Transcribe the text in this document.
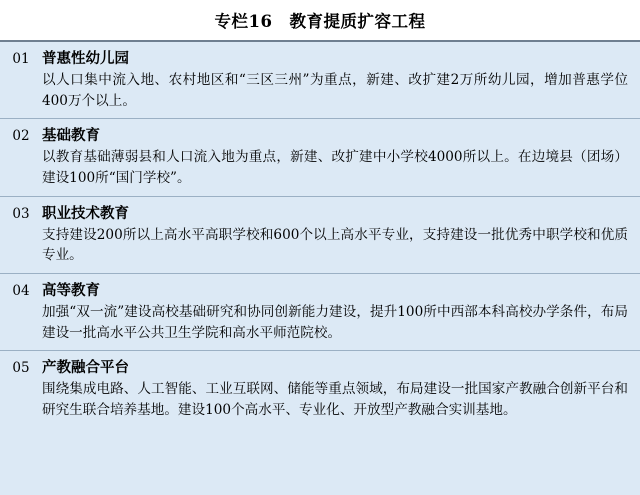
专栏16　教育提质扩容工程
01 普惠性幼儿园
以人口集中流入地、农村地区和“三区三州”为重点，新建、改扩建2万所幼儿园，增加普惠学位400万个以上。
02 基础教育
以教育基础薄弱县和人口流入地为重点，新建、改扩建中小学校4000所以上。在边境县（团场）建设100所“国门学校”。
03 职业技术教育
支持建设200所以上高水平高职学校和600个以上高水平专业，支持建设一批优秀中职学校和优质专业。
04 高等教育
加强“双一流”建设高校基础研究和协同创新能力建设，提升100所中西部本科高校办学条件，布局建设一批高水平公共卫生学院和高水平师范院校。
05 产教融合平台
围绕集成电路、人工智能、工业互联网、储能等重点领域，布局建设一批国家产教融合创新平台和研究生联合培养基地。建设100个高水平、专业化、开放型产教融合实训基地。
